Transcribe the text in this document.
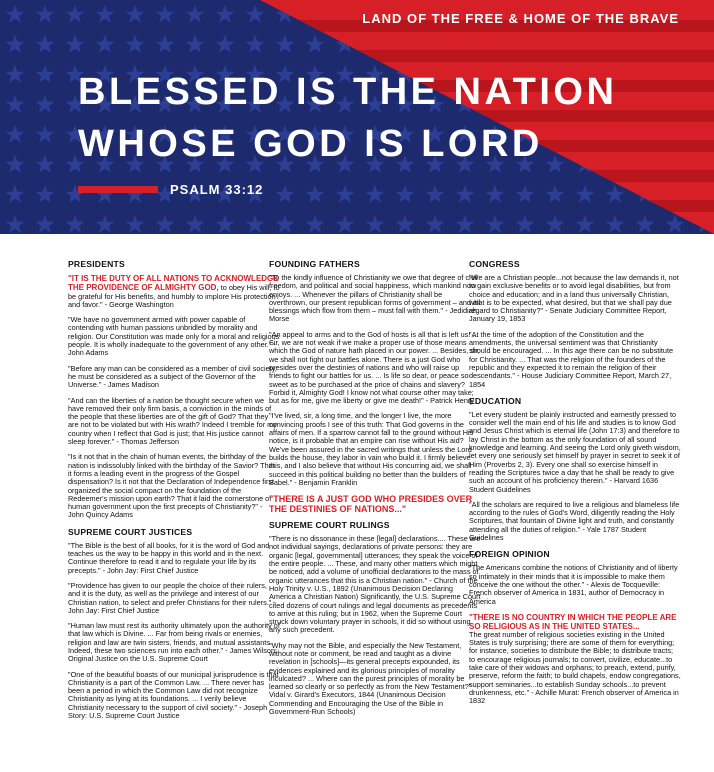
LAND OF THE FREE & HOME OF THE BRAVE
BLESSED IS THE NATION
WHOSE GOD IS LORD
PSALM 33:12
PRESIDENTS

"IT IS THE DUTY OF ALL NATIONS TO ACKNOWLEDGE THE PROVIDENCE OF ALMIGHTY GOD, to obey His will, to be grateful for His benefits, and humbly to implore His protection and favor." - George Washington

"We have no government armed with power capable of contending with human passions unbridled by morality and religion. Our Constitution was made only for a moral and religious people. It is wholly inadequate to the government of any other." - John Adams

"Before any man can be considered as a member of civil society, he must be considered as a subject of the Governor of the Universe." - James Madison

"And can the liberties of a nation be thought secure when we have removed their only firm basis, a conviction in the minds of the people that these liberties are of the gift of God? That they are not to be violated but with His wrath? Indeed I tremble for my country when I reflect that God is just; that His justice cannot sleep forever." - Thomas Jefferson

"Is it not that in the chain of human events, the birthday of the nation is indissolubly linked with the birthday of the Savior? That it forms a leading event in the progress of the Gospel dispensation? Is it not that the Declaration of Independence first organized the social compact on the foundation of the Redeemer's mission upon earth? That it laid the cornerstone of human government upon the first precepts of Christianity?" - John Quincy Adams

SUPREME COURT JUSTICES

"The Bible is the best of all books, for it is the word of God and teaches us the way to be happy in this world and in the next. Continue therefore to read it and to regulate your life by its precepts." - John Jay: First Chief Justice

"Providence has given to our people the choice of their rulers, and it is the duty, as well as the privilege and interest of our Christian nation, to select and prefer Christians for their rulers." - John Jay: First Chief Justice

"Human law must rest its authority ultimately upon the authority of that law which is Divine. ... Far from being rivals or enemies, religion and law are twin sisters, friends, and mutual assistants. Indeed, these two sciences run into each other." - James Wilson: Original Justice on the U.S. Supreme Court

"One of the beautiful boasts of our municipal jurisprudence is that Christianity is a part of the Common Law. ... There never has been a period in which the Common Law did not recognize Christianity as lying at its foundations. ... I verily believe Christianity necessary to the support of civil society." - Joseph Story: U.S. Supreme Court Justice

FOUNDING FATHERS

"To the kindly influence of Christianity we owe that degree of civil freedom, and political and social happiness, which mankind now enjoys. ... Whenever the pillars of Christianity shall be overthrown, our present republican forms of government – and all blessings which flow from them – must fall with them." - Jedidiah Morse

"An appeal to arms and to the God of hosts is all that is left us! ... Sir, we are not weak if we make a proper use of those means which the God of nature hath placed in our power. ... Besides, sir, we shall not fight our battles alone. There is a just God who presides over the destinies of nations and who will raise up friends to fight our battles for us. ... Is life so dear, or peace so sweet as to be purchased at the price of chains and slavery? Forbid it, Almighty God! I know not what course other may take; but as for me, give me liberty or give me death!" - Patrick Henry

"I've lived, sir, a long time, and the longer I live, the more convincing proofs I see of this truth: That God governs in the affairs of men. If a sparrow cannot fall to the ground without His notice, is it probable that an empire can rise without His aid? We've been assured in the sacred writings that unless the Lord builds the house, they labor in vain who build it. I firmly believe this, and I also believe that without His concurring aid, we shall succeed in this political building no better than the builders of Babel." - Benjamin Franklin

"THERE IS A JUST GOD WHO PRESIDES OVER THE DESTINIES OF NATIONS..."
SUPREME COURT RULINGS

"There is no dissonance in these [legal] declarations.... These are not individual sayings, declarations of private persons: they are organic [legal, governmental] utterances; they speak the voice of the entire people. ... These, and many other matters which might be noticed, add a volume of unofficial declarations to the mass of organic utterances that this is a Christian nation." - Church of the Holy Trinity v. U.S., 1892 (Unanimous Decision Declaring America a Christian Nation) Significantly, the U.S. Supreme Court cited dozens of court rulings and legal documents as precedents to arrive at this ruling; but in 1962, when the Supreme Court struck down voluntary prayer in schools, it did so without using any such precedent.

"Why may not the Bible, and especially the New Testament, without note or comment, be read and taught as a divine revelation in [schools]—its general precepts expounded, its evidences explained and its glorious principles of morality inculcated? ... Where can the purest principles of morality be learned so clearly or so perfectly as from the New Testament?" - Vidal v. Girard's Executors, 1844 (Unanimous Decision Commending and Encouraging the Use of the Bible in Government-Run Schools)

CONGRESS

"We are a Christian people...not because the law demands it, not to gain exclusive benefits or to avoid legal disabilities, but from choice and education; and in a land thus universally Christian, what is to be expected, what desired, but that we shall pay due regard to Christianity?" - Senate Judiciary Committee Report, January 19, 1853

"At the time of the adoption of the Constitution and the amendments, the universal sentiment was that Christianity should be encouraged. ... In this age there can be no substitute for Christianity. ... That was the religion of the founders of the republic and they expected it to remain the religion of their descendants." - House Judiciary Committee Report, March 27, 1854

EDUCATION

"Let every student be plainly instructed and earnestly pressed to consider well the main end of his life and studies is to know God and Jesus Christ which is eternal life (John 17:3) and therefore to lay Christ in the bottom as the only foundation of all sound knowledge and learning. And seeing the Lord only giveth wisdom, let every one seriously set himself by prayer in secret to seek it of Him (Proverbs 2, 3). Every one shall so exercise himself in reading the Scriptures twice a day that he shall be ready to give such an account of his proficiency therein." - Harvard 1636 Student Guidelines

"All the scholars are required to live a religious and blameless life according to the rules of God's Word, diligently reading the Holy Scriptures, that fountain of Divine light and truth, and constantly attending all the duties of religion." - Yale 1787 Student Guidelines

FOREIGN OPINION

"The Americans combine the notions of Christianity and of liberty so intimately in their minds that it is impossible to make them conceive the one without the other." - Alexis de Tocqueville: French observer of America in 1831, author of Democracy in America

"THERE IS NO COUNTRY IN WHICH THE PEOPLE ARE SO RELIGIOUS AS IN THE UNITED STATES...
The great number of religious societies existing in the United States is truly surprising; there are some of them for everything; for instance, societies to distribute the Bible; to distribute tracts; to encourage religious journals; to convert, civilize, educate...to take care of their widows and orphans; to preach, extend, purify, preserve, reform the faith; to build chapels, endow congregations, support seminaries...to establish Sunday schools...to prevent drunkenness, etc." - Achille Murat: French observer of America in 1832
